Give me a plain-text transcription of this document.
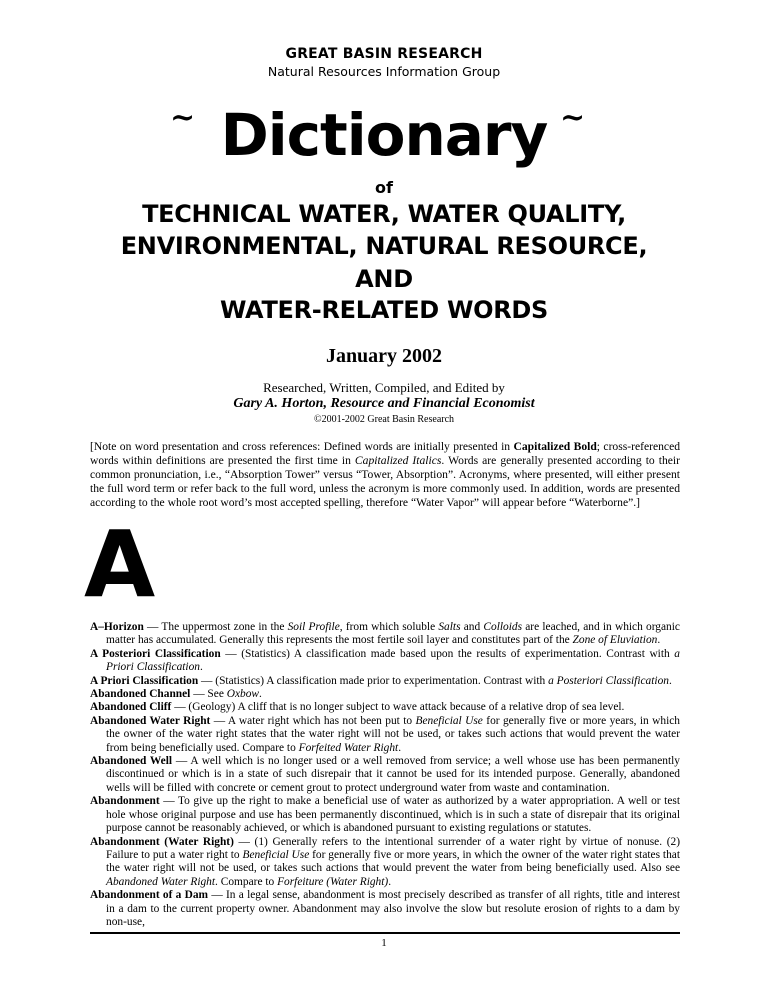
GREAT BASIN RESEARCH
Natural Resources Information Group
~ Dictionary ~
of
TECHNICAL WATER, WATER QUALITY,
ENVIRONMENTAL, NATURAL RESOURCE,
AND
WATER-RELATED WORDS
January 2002
Researched, Written, Compiled, and Edited by
Gary A. Horton, Resource and Financial Economist
©2001-2002 Great Basin Research
[Note on word presentation and cross references: Defined words are initially presented in Capitalized Bold; cross-referenced words within definitions are presented the first time in Capitalized Italics. Words are generally presented according to their common pronunciation, i.e., “Absorption Tower” versus “Tower, Absorption”. Acronyms, where presented, will either present the full word term or refer back to the full word, unless the acronym is more commonly used. In addition, words are presented according to the whole root word’s most accepted spelling, therefore “Water Vapor” will appear before “Waterborne”.]
A

A–Horizon — The uppermost zone in the Soil Profile, from which soluble Salts and Colloids are leached, and in which organic matter has accumulated. Generally this represents the most fertile soil layer and constitutes part of the Zone of Eluviation.

A Posteriori Classification — (Statistics) A classification made based upon the results of experimentation. Contrast with a Priori Classification.

A Priori Classification — (Statistics) A classification made prior to experimentation. Contrast with a Posteriori Classification.

Abandoned Channel — See Oxbow.

Abandoned Cliff — (Geology) A cliff that is no longer subject to wave attack because of a relative drop of sea level.

Abandoned Water Right — A water right which has not been put to Beneficial Use for generally five or more years, in which the owner of the water right states that the water right will not be used, or takes such actions that would prevent the water from being beneficially used. Compare to Forfeited Water Right.

Abandoned Well — A well which is no longer used or a well removed from service; a well whose use has been permanently discontinued or which is in a state of such disrepair that it cannot be used for its intended purpose. Generally, abandoned wells will be filled with concrete or cement grout to protect underground water from waste and contamination.

Abandonment — To give up the right to make a beneficial use of water as authorized by a water appropriation. A well or test hole whose original purpose and use has been permanently discontinued, which is in such a state of disrepair that its original purpose cannot be reasonably achieved, or which is abandoned pursuant to existing regulations or statutes.

Abandonment (Water Right) — (1) Generally refers to the intentional surrender of a water right by virtue of nonuse. (2) Failure to put a water right to Beneficial Use for generally five or more years, in which the owner of the water right states that the water right will not be used, or takes such actions that would prevent the water from being beneficially used. Also see Abandoned Water Right. Compare to Forfeiture (Water Right).

Abandonment of a Dam — In a legal sense, abandonment is most precisely described as transfer of all rights, title and interest in a dam to the current property owner. Abandonment may also involve the slow but resolute erosion of rights to a dam by non-use,

1
